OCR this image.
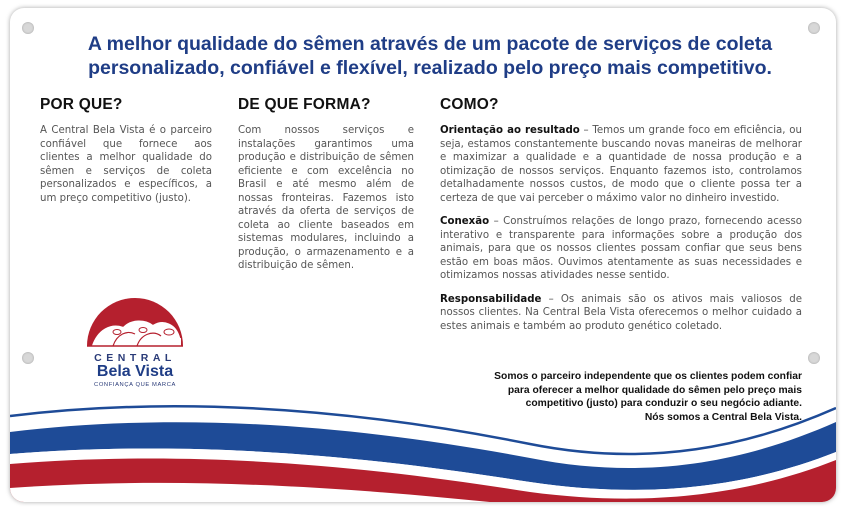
A melhor qualidade do sêmen através de um pacote de serviços de coleta personalizado, confiável e flexível, realizado pelo preço mais competitivo.
POR QUE?

A Central Bela Vista é o parceiro confiável que fornece aos clientes a melhor qualidade do sêmen e serviços de coleta personalizados e específicos, a um preço competitivo (justo).

DE QUE FORMA?

Com nossos serviços e instalações garantimos uma produção e distribuição de sêmen eficiente e com excelência no Brasil e até mesmo além de nossas fronteiras. Fazemos isto através da oferta de serviços de coleta ao cliente baseados em sistemas modulares, incluindo a produção, o armazenamento e a distribuição de sêmen.

COMO?

Orientação ao resultado – Temos um grande foco em eficiência, ou seja, estamos constantemente buscando novas maneiras de melhorar e maximizar a qualidade e a quantidade de nossa produção e a otimização de nossos serviços. Enquanto fazemos isto, controlamos detalhadamente nossos custos, de modo que o cliente possa ter a certeza de que vai perceber o máximo valor no dinheiro investido.

Conexão – Construímos relações de longo prazo, fornecendo acesso interativo e transparente para informações sobre a produção dos animais, para que os nossos clientes possam confiar que seus bens estão em boas mãos. Ouvimos atentamente as suas necessidades e otimizamos nossas atividades nesse sentido.

Responsabilidade – Os animais são os ativos mais valiosos de nossos clientes. Na Central Bela Vista oferecemos o melhor cuidado a estes animais e também ao produto genético coletado.

Somos o parceiro independente que os clientes podem confiar
para oferecer a melhor qualidade do sêmen pelo preço mais
competitivo (justo) para conduzir o seu negócio adiante.
Nós somos a Central Bela Vista.
CENTRAL
Bela Vista
CONFIANÇA QUE MARCA
